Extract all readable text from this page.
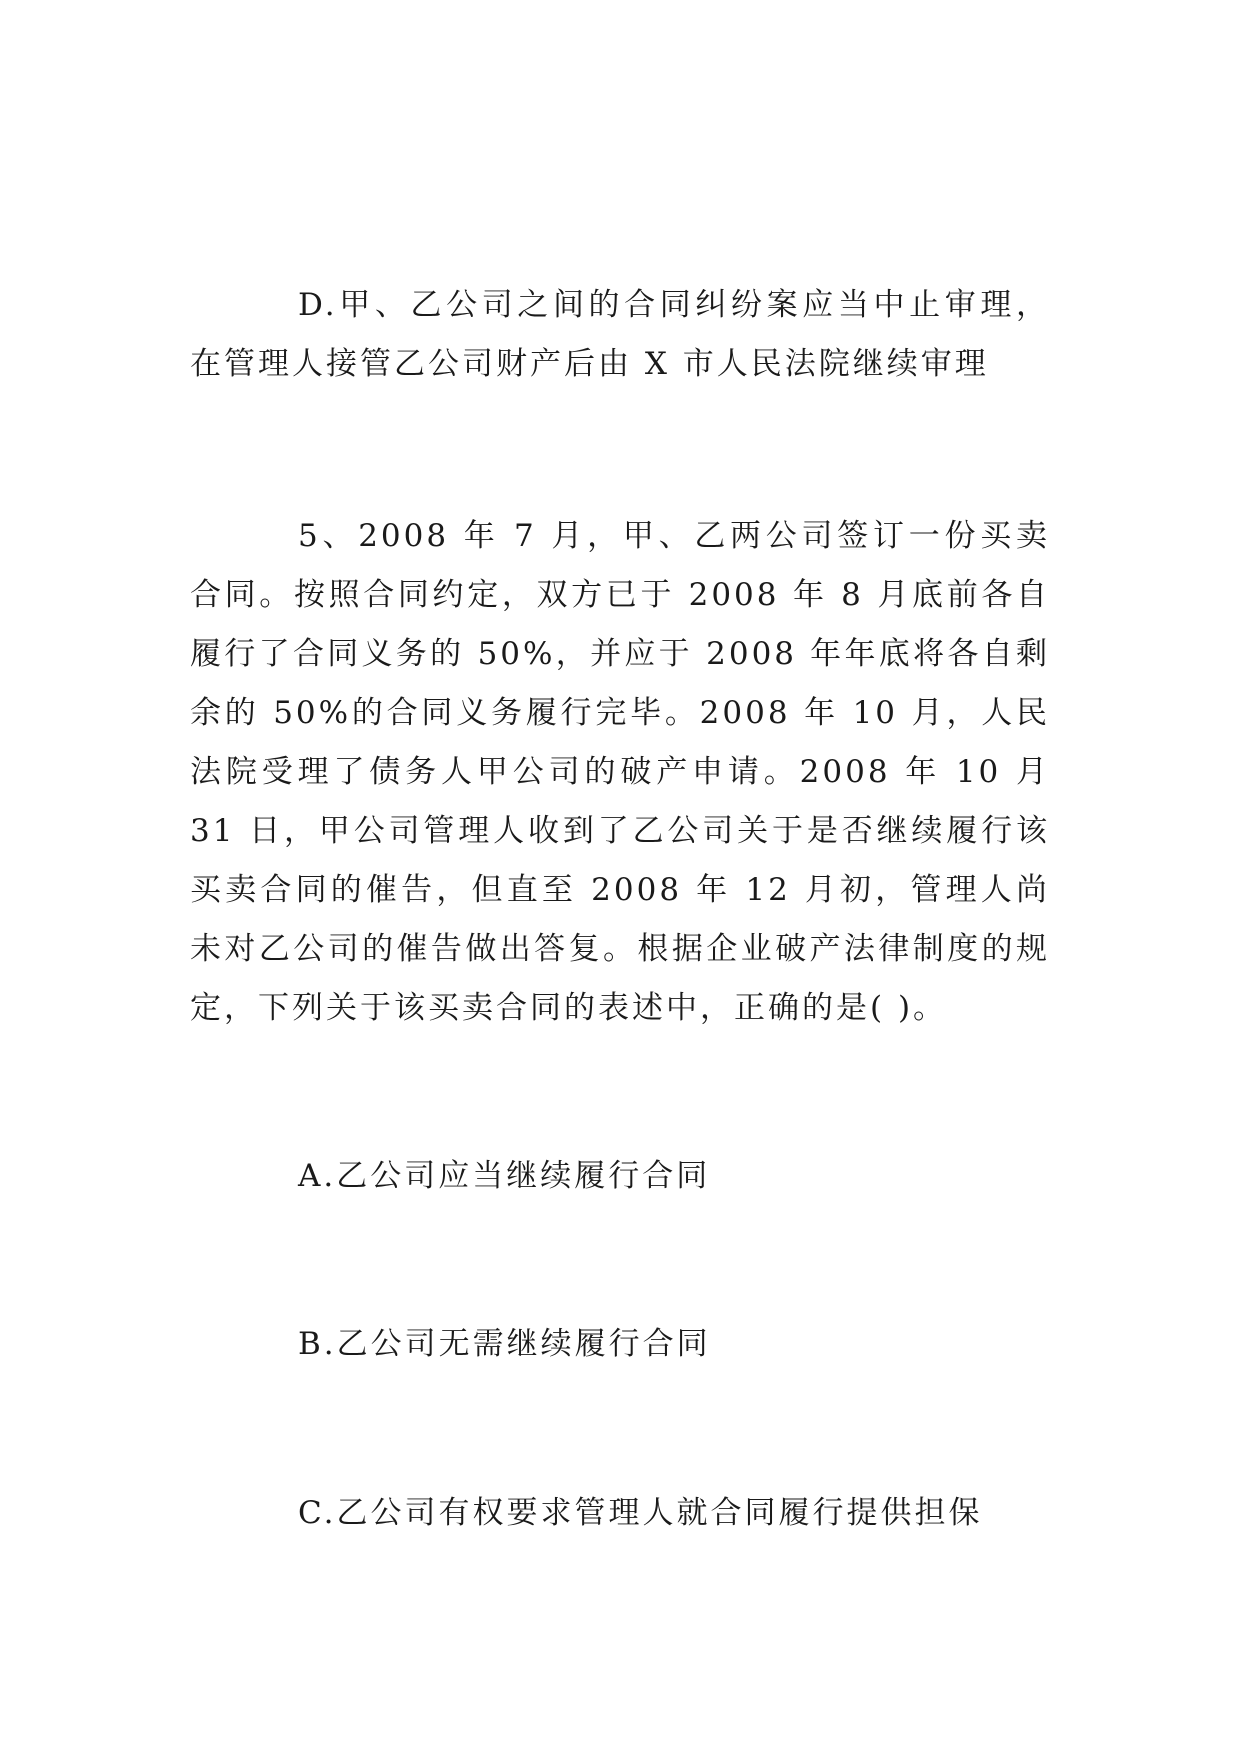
D.甲、乙公司之间的合同纠纷案应当中止审理，在管理人接管乙公司财产后由 X 市人民法院继续审理

5、2008 年 7 月，甲、乙两公司签订一份买卖合同。按照合同约定，双方已于 2008 年 8 月底前各自履行了合同义务的 50%，并应于 2008 年年底将各自剩余的 50%的合同义务履行完毕。2008 年 10 月，人民法院受理了债务人甲公司的破产申请。2008 年 10 月 31 日，甲公司管理人收到了乙公司关于是否继续履行该买卖合同的催告，但直至 2008 年 12 月初，管理人尚未对乙公司的催告做出答复。根据企业破产法律制度的规定，下列关于该买卖合同的表述中，正确的是( )。

A.乙公司应当继续履行合同

B.乙公司无需继续履行合同

C.乙公司有权要求管理人就合同履行提供担保
